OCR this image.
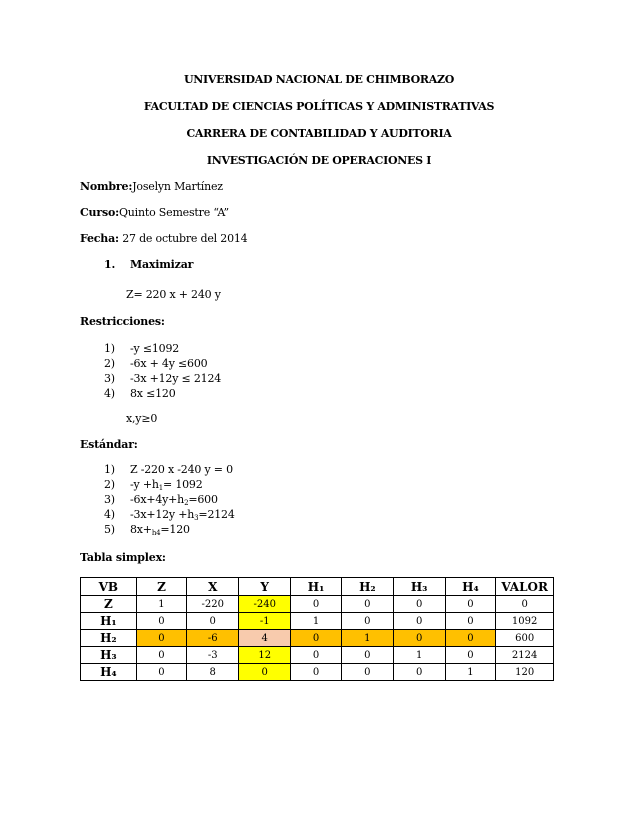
UNIVERSIDAD NACIONAL DE CHIMBORAZO
FACULTAD DE CIENCIAS POLÍTICAS Y ADMINISTRATIVAS
CARRERA DE CONTABILIDAD Y AUDITORIA
INVESTIGACIÓN DE OPERACIONES I
Nombre:Joselyn Martínez
Curso:Quinto Semestre “A”
Fecha: 27 de octubre del 2014
1. Maximizar
Z= 220 x + 240 y
Restricciones:
1) -y ≤1092
2) -6x + 4y ≤600
3) -3x +12y ≤ 2124
4) 8x ≤120
x,y≥0
Estándar:
1) Z -220 x -240 y = 0
2) $-y +h_1= 1092$
3) $-6x+4y+h_2=600$
4) $-3x+12y +h_3=2124$
5) $8x+_{h4}=120$
Tabla simplex:
VB	Z	X	Y	H₁	H₂	H₃	H₄	VALOR
Z	1	-220	-240	0	0	0	0	0
H₁	0	0	-1	1	0	0	0	1092
H₂	0	-6	4	0	1	0	0	600
H₃	0	-3	12	0	0	1	0	2124
H₄	0	8	0	0	0	0	1	120
